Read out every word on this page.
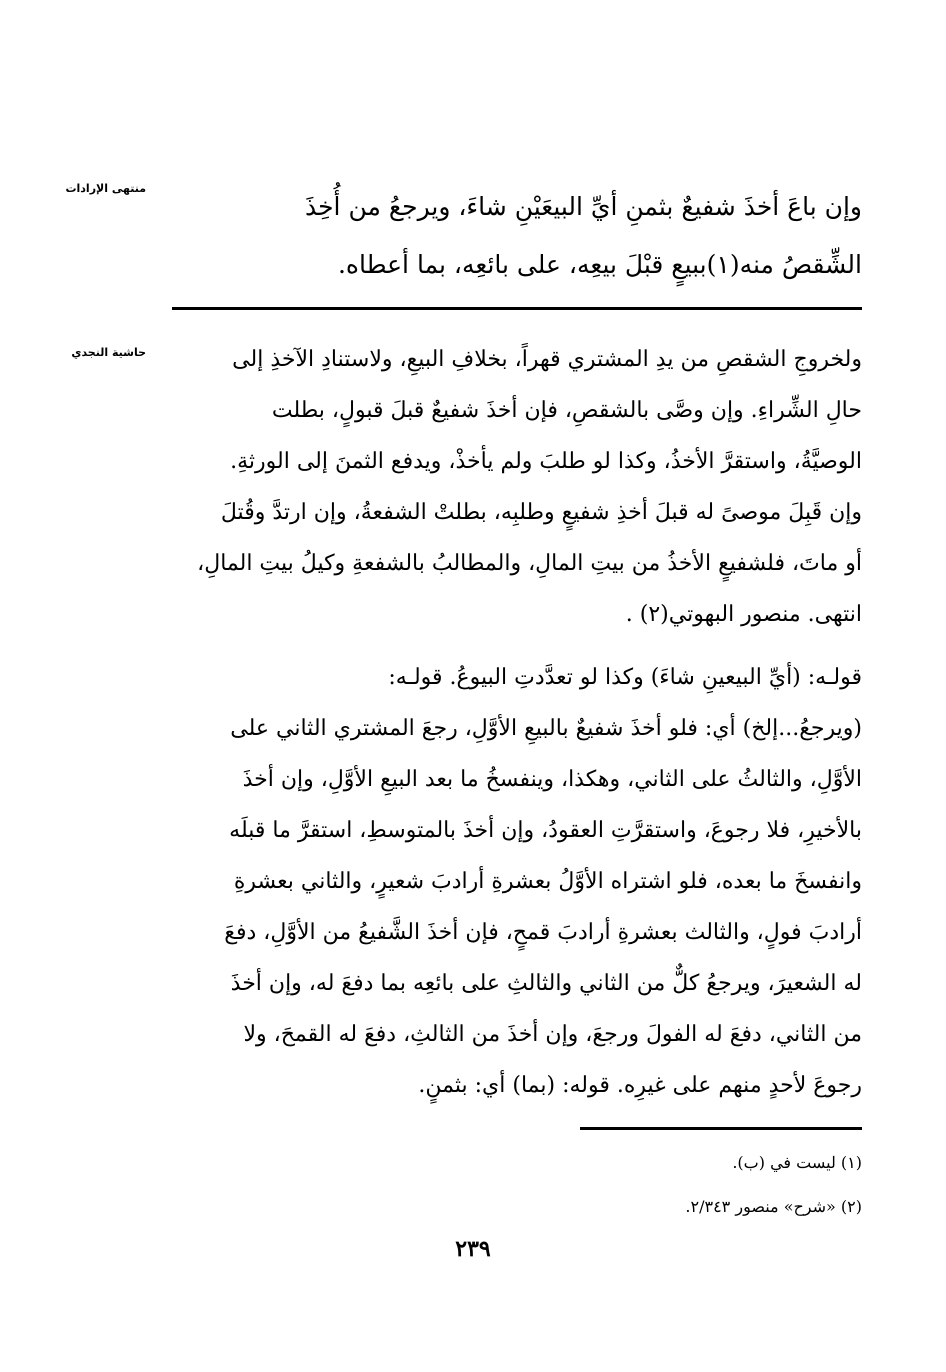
منتهى الإرادات
حاشية النجدي
وإن باعَ أخذَ شفيعٌ بثمنِ أيِّ البيعَيْنِ شاءَ، ويرجعُ من أُخِذَ
الشِّقصُ منه(١)ببيعٍ قبْلَ بيعِه، على بائعِه، بما أعطاه.
ولخروجِ الشقصِ من يدِ المشتري قهراً، بخلافِ البيعِ، ولاستنادِ الآخذِ إلى
حالِ الشِّراءِ. وإن وصَّى بالشقصِ، فإن أخذَ شفيعٌ قبلَ قبولٍ، بطلت
الوصيَّةُ، واستقرَّ الأخذُ، وكذا لو طلبَ ولم يأخذْ، ويدفع الثمنَ إلى الورثةِ.
وإن قَبِلَ موصىً له قبلَ أخذِ شفيعٍ وطلبِه، بطلتْ الشفعةُ، وإن ارتدَّ وقُتلَ
أو ماتَ، فلشفيعٍ الأخذُ من بيتِ المالِ، والمطالبُ بالشفعةِ وكيلُ بيتِ المالِ،
انتهى. منصور البهوتي(٢) .
قولـه: (أيِّ البيعينِ شاءَ) وكذا لو تعدَّدتِ البيوعُ. قولـه:
(ويرجعُ...إلخ) أي: فلو أخذَ شفيعٌ بالبيعِ الأوَّلِ، رجعَ المشتري الثاني على
الأوَّلِ، والثالثُ على الثاني، وهكذا، وينفسخُ ما بعد البيعِ الأوَّلِ، وإن أخذَ
بالأخيرِ، فلا رجوعَ، واستقرَّتِ العقودُ، وإن أخذَ بالمتوسطِ، استقرَّ ما قبلَه
وانفسخَ ما بعده، فلو اشتراه الأوَّلُ بعشرةِ أرادبَ شعيرٍ، والثاني بعشرةِ
أرادبَ فولٍ، والثالث بعشرةِ أرادبَ قمحٍ، فإن أخذَ الشَّفيعُ من الأوَّلِ، دفعَ
له الشعيرَ، ويرجعُ كلٌّ من الثاني والثالثِ على بائعِه بما دفعَ له، وإن أخذَ
من الثاني، دفعَ له الفولَ ورجعَ، وإن أخذَ من الثالثِ، دفعَ له القمحَ، ولا
رجوعَ لأحدٍ منهم على غيرِه. قوله: (بما) أي: بثمنٍ.
(١) ليست في (ب).
(٢) «شرح» منصور ٢/٣٤٣.
٢٣٩
